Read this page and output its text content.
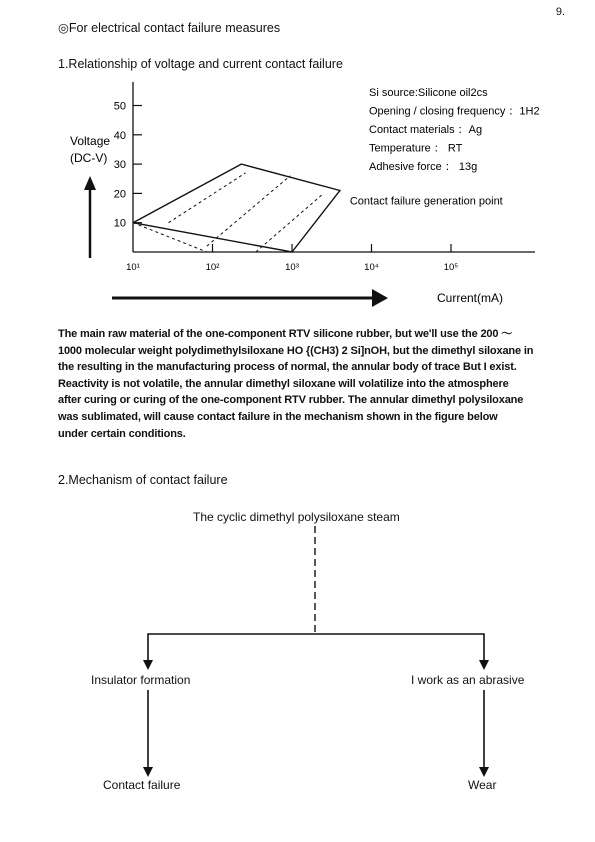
9.
◎For electrical contact failure measures
1.Relationship of voltage and current contact failure
10
20
30
40
50
10¹	10²	10³	10⁴	10⁵
Voltage
(DC-V)
Contact failure generation point
Si source:Silicone oil2cs
Opening / closing frequency ：1H2
Contact materials ：Ag
Temperature ： RT
Adhesive force ： 13g
Current(mA)
The main raw material of the one-component RTV silicone rubber, but we'll use the 200 ～
1000 molecular weight polydimethylsiloxane HO {(CH3) 2 Si]nOH, but the dimethyl siloxane in
the resulting in the manufacturing process of normal, the annular body of trace But I exist.
Reactivity is not volatile, the annular dimethyl siloxane will volatilize into the atmosphere
after curing or curing of the one-component RTV rubber. The annular dimethyl polysiloxane
was sublimated, will cause contact failure in the mechanism shown in the figure below
under certain conditions.
2.Mechanism of contact failure
The cyclic dimethyl polysiloxane steam
Insulator formation	I work as an abrasive
Contact failure	Wear
